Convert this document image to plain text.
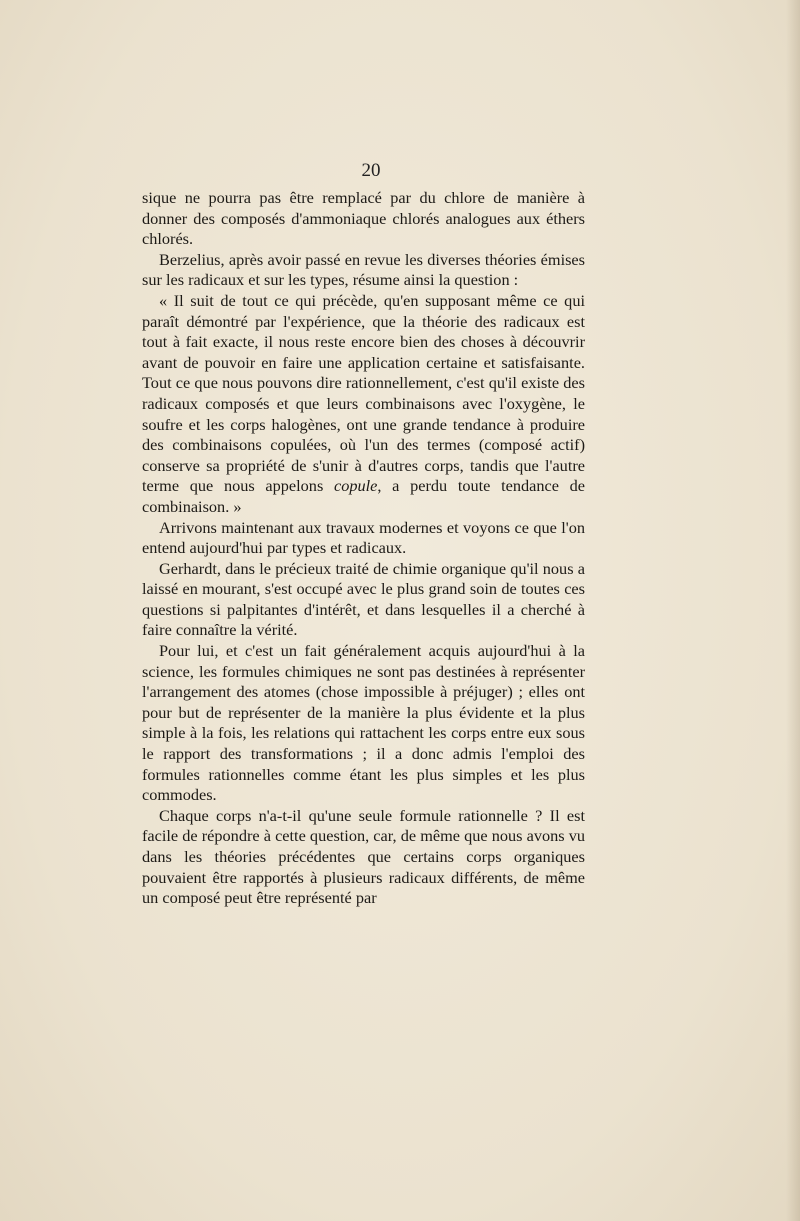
20

sique ne pourra pas être remplacé par du chlore de manière à donner des composés d'ammoniaque chlorés analogues aux éthers chlorés.

Berzelius, après avoir passé en revue les diverses théories émises sur les radicaux et sur les types, résume ainsi la question :

« Il suit de tout ce qui précède, qu'en supposant même ce qui paraît démontré par l'expérience, que la théorie des radicaux est tout à fait exacte, il nous reste encore bien des choses à découvrir avant de pouvoir en faire une application certaine et satisfaisante. Tout ce que nous pouvons dire rationnellement, c'est qu'il existe des radicaux composés et que leurs combinaisons avec l'oxygène, le soufre et les corps halogènes, ont une grande tendance à produire des combinaisons copulées, où l'un des termes (composé actif) conserve sa propriété de s'unir à d'autres corps, tandis que l'autre terme que nous appelons copule, a perdu toute tendance de combinaison. »

Arrivons maintenant aux travaux modernes et voyons ce que l'on entend aujourd'hui par types et radicaux.

Gerhardt, dans le précieux traité de chimie organique qu'il nous a laissé en mourant, s'est occupé avec le plus grand soin de toutes ces questions si palpitantes d'intérêt, et dans lesquelles il a cherché à faire connaître la vérité.

Pour lui, et c'est un fait généralement acquis aujourd'hui à la science, les formules chimiques ne sont pas destinées à représenter l'arrangement des atomes (chose impossible à préjuger) ; elles ont pour but de représenter de la manière la plus évidente et la plus simple à la fois, les relations qui rattachent les corps entre eux sous le rapport des transformations ; il a donc admis l'emploi des formules rationnelles comme étant les plus simples et les plus commodes.

Chaque corps n'a-t-il qu'une seule formule rationnelle ? Il est facile de répondre à cette question, car, de même que nous avons vu dans les théories précédentes que certains corps organiques pouvaient être rapportés à plusieurs radicaux différents, de même un composé peut être représenté par
